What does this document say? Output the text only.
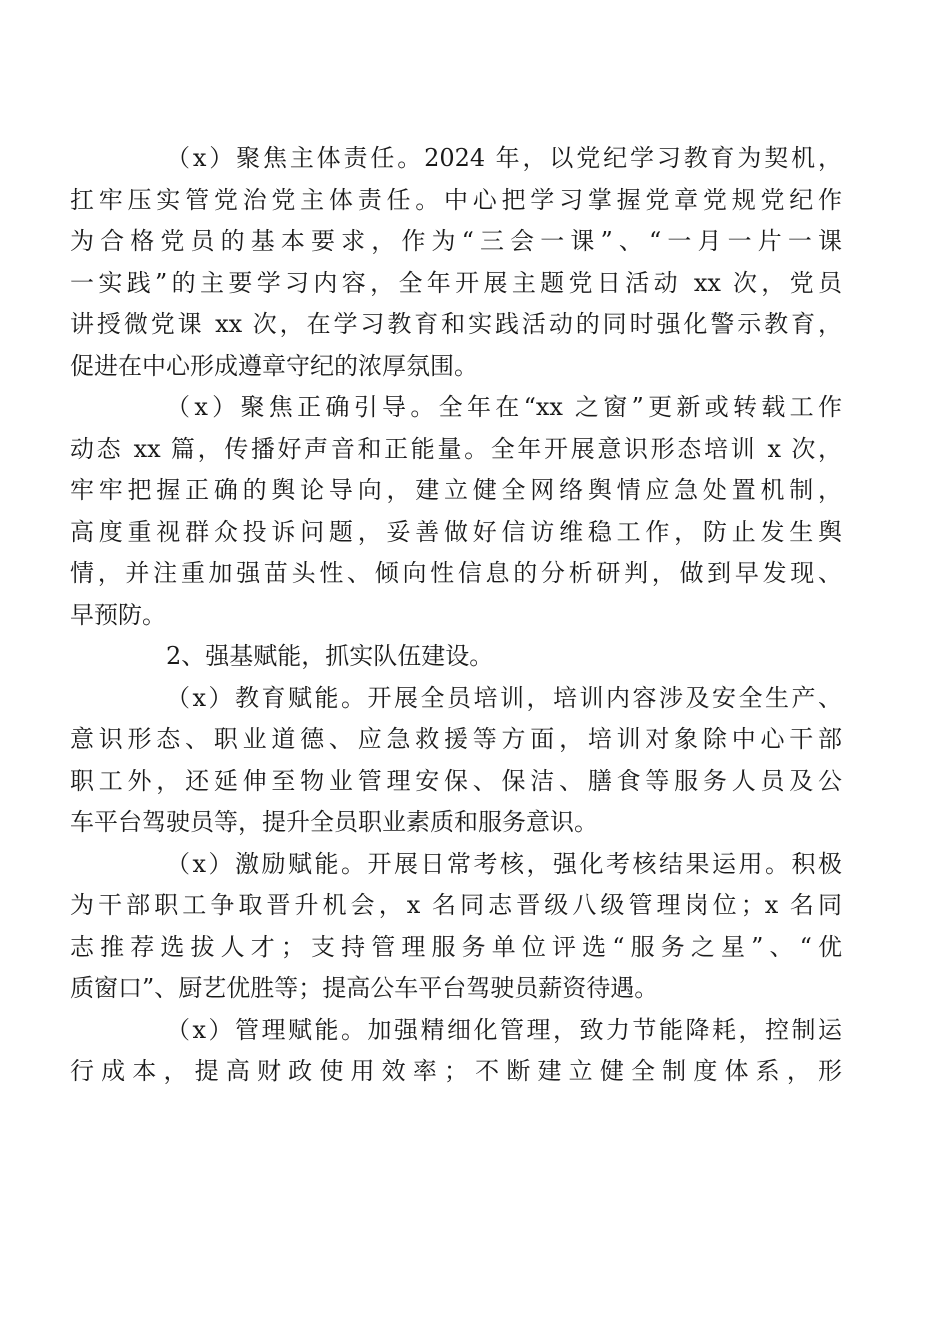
（x）聚焦主体责任。2024 年，以党纪学习教育为契机，
扛牢压实管党治党主体责任。中心把学习掌握党章党规党纪作
为合格党员的基本要求，作为“三会一课”、“一月一片一课
一实践”的主要学习内容，全年开展主题党日活动 xx 次，党员
讲授微党课 xx 次，在学习教育和实践活动的同时强化警示教育，
促进在中心形成遵章守纪的浓厚氛围。
（x）聚焦正确引导。全年在“xx 之窗”更新或转载工作
动态 xx 篇，传播好声音和正能量。全年开展意识形态培训 x 次，
牢牢把握正确的舆论导向，建立健全网络舆情应急处置机制，
高度重视群众投诉问题，妥善做好信访维稳工作，防止发生舆
情，并注重加强苗头性、倾向性信息的分析研判，做到早发现、
早预防。
2、强基赋能，抓实队伍建设。
（x）教育赋能。开展全员培训，培训内容涉及安全生产、
意识形态、职业道德、应急救援等方面，培训对象除中心干部
职工外，还延伸至物业管理安保、保洁、膳食等服务人员及公
车平台驾驶员等，提升全员职业素质和服务意识。
（x）激励赋能。开展日常考核，强化考核结果运用。积极
为干部职工争取晋升机会，x 名同志晋级八级管理岗位；x 名同
志推荐选拔人才；支持管理服务单位评选“服务之星”、“优
质窗口”、厨艺优胜等；提高公车平台驾驶员薪资待遇。
（x）管理赋能。加强精细化管理，致力节能降耗，控制运
行成本，提高财政使用效率；不断建立健全制度体系，形
